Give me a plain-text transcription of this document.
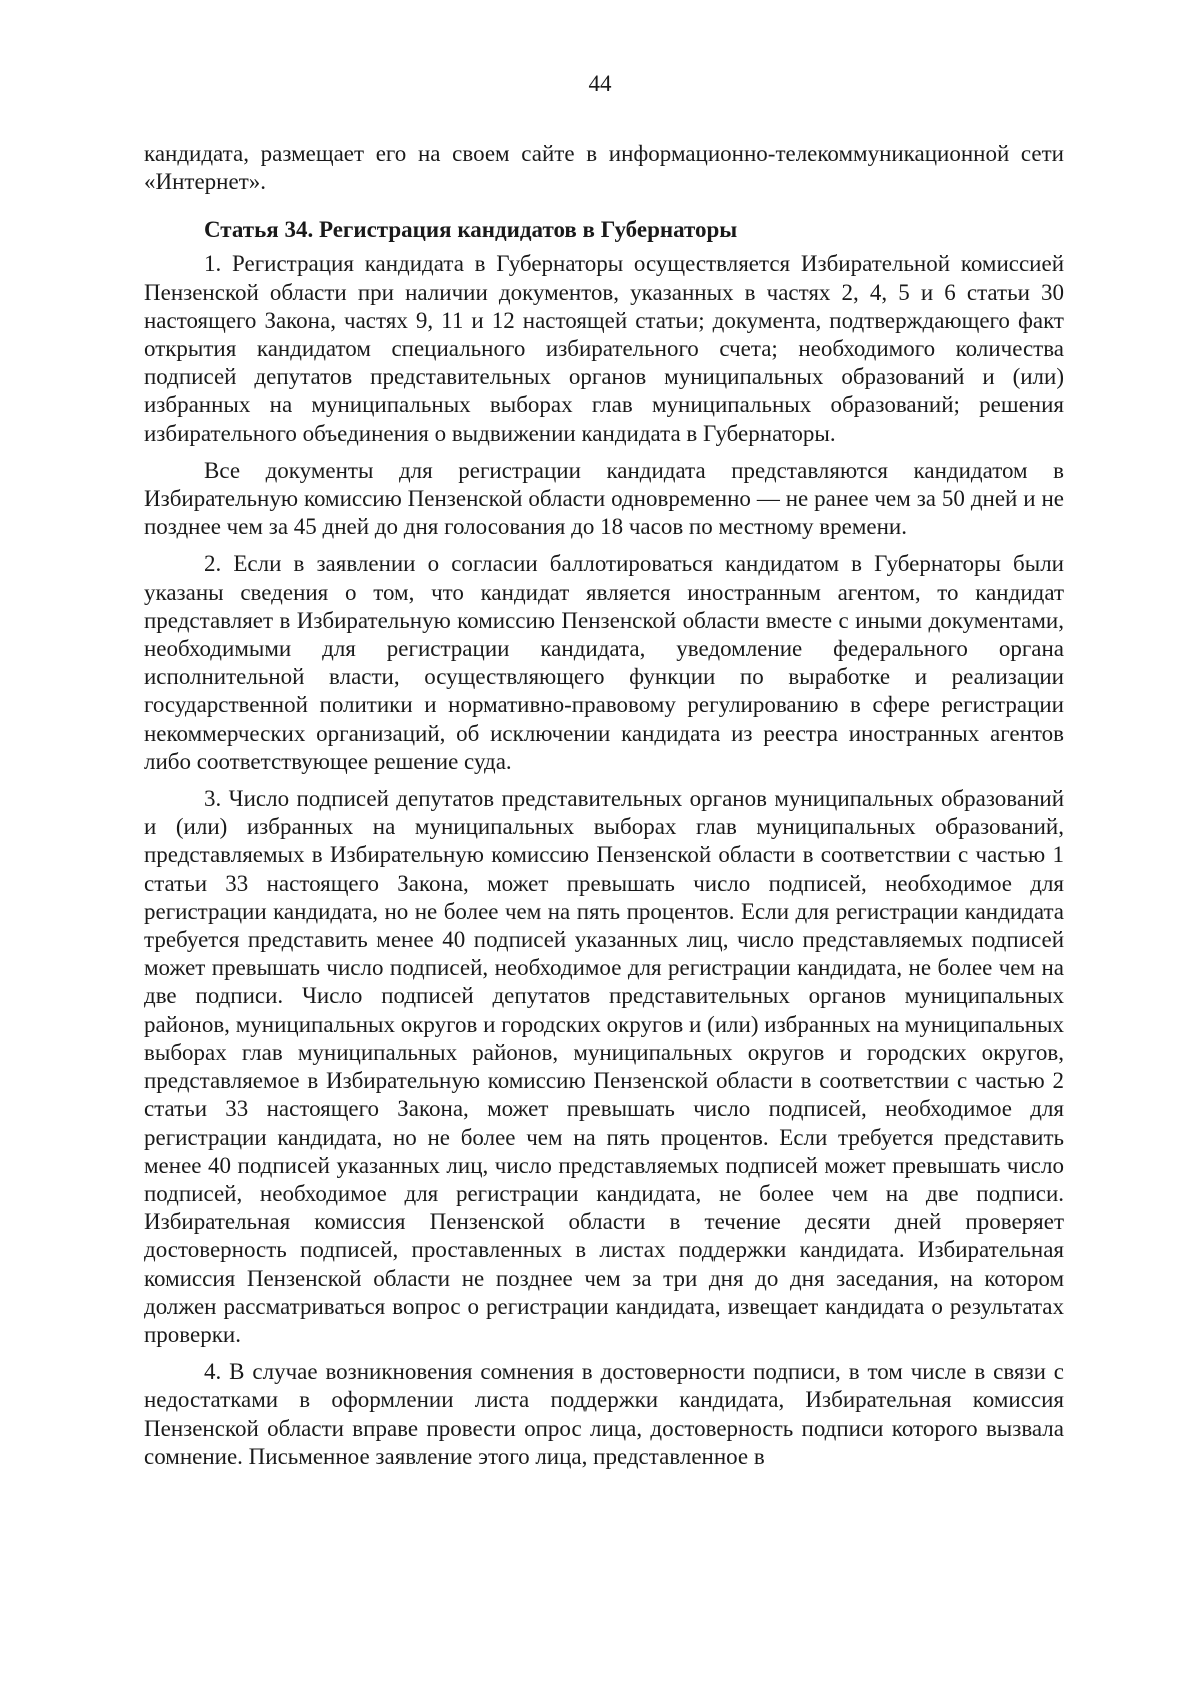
44

кандидата, размещает его на своем сайте в информационно-телекоммуникационной сети «Интернет».

Статья 34. Регистрация кандидатов в Губернаторы

1. Регистрация кандидата в Губернаторы осуществляется Избирательной комиссией Пензенской области при наличии документов, указанных в частях 2, 4, 5 и 6 статьи 30 настоящего Закона, частях 9, 11 и 12 настоящей статьи; документа, подтверждающего факт открытия кандидатом специального избирательного счета; необходимого количества подписей депутатов представительных органов муниципальных образований и (или) избранных на муниципальных выборах глав муниципальных образований; решения избирательного объединения о выдвижении кандидата в Губернаторы.

Все документы для регистрации кандидата представляются кандидатом в Избирательную комиссию Пензенской области одновременно — не ранее чем за 50 дней и не позднее чем за 45 дней до дня голосования до 18 часов по местному времени.

2. Если в заявлении о согласии баллотироваться кандидатом в Губернаторы были указаны сведения о том, что кандидат является иностранным агентом, то кандидат представляет в Избирательную комиссию Пензенской области вместе с иными документами, необходимыми для регистрации кандидата, уведомление федерального органа исполнительной власти, осуществляющего функции по выработке и реализации государственной политики и нормативно-правовому регулированию в сфере регистрации некоммерческих организаций, об исключении кандидата из реестра иностранных агентов либо соответствующее решение суда.

3. Число подписей депутатов представительных органов муниципальных образований и (или) избранных на муниципальных выборах глав муниципальных образований, представляемых в Избирательную комиссию Пензенской области в соответствии с частью 1 статьи 33 настоящего Закона, может превышать число подписей, необходимое для регистрации кандидата, но не более чем на пять процентов. Если для регистрации кандидата требуется представить менее 40 подписей указанных лиц, число представляемых подписей может превышать число подписей, необходимое для регистрации кандидата, не более чем на две подписи. Число подписей депутатов представительных органов муниципальных районов, муниципальных округов и городских округов и (или) избранных на муниципальных выборах глав муниципальных районов, муниципальных округов и городских округов, представляемое в Избирательную комиссию Пензенской области в соответствии с частью 2 статьи 33 настоящего Закона, может превышать число подписей, необходимое для регистрации кандидата, но не более чем на пять процентов. Если требуется представить менее 40 подписей указанных лиц, число представляемых подписей может превышать число подписей, необходимое для регистрации кандидата, не более чем на две подписи. Избирательная комиссия Пензенской области в течение десяти дней проверяет достоверность подписей, проставленных в листах поддержки кандидата. Избирательная комиссия Пензенской области не позднее чем за три дня до дня заседания, на котором должен рассматриваться вопрос о регистрации кандидата, извещает кандидата о результатах проверки.

4. В случае возникновения сомнения в достоверности подписи, в том числе в связи с недостатками в оформлении листа поддержки кандидата, Избирательная комиссия Пензенской области вправе провести опрос лица, достоверность подписи которого вызвала сомнение. Письменное заявление этого лица, представленное в
